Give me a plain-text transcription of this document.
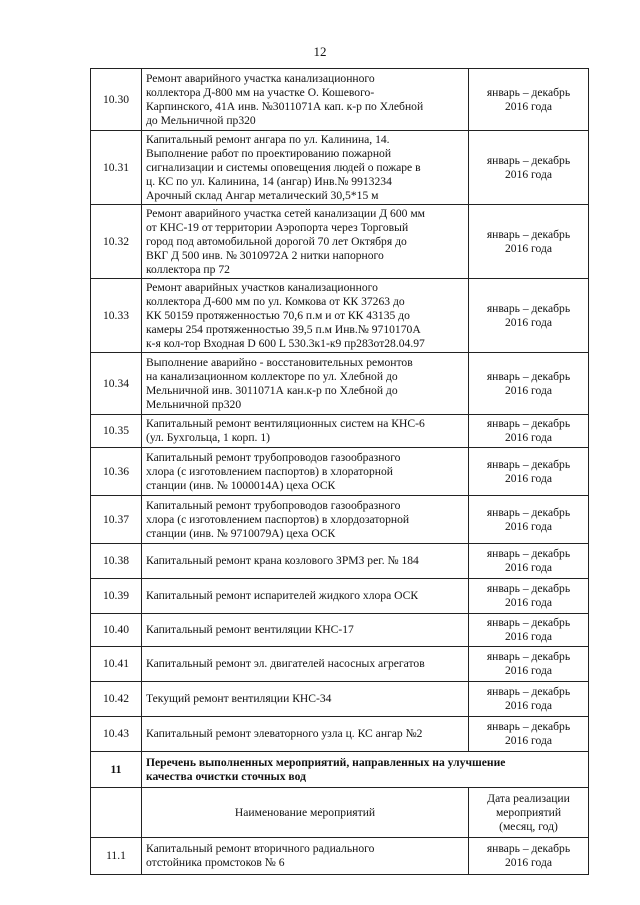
12
10.30	Ремонт аварийного участка канализационного
коллектора Д-800 мм на участке О. Кошевого-
Карпинского, 41А инв. №3011071А кап. к-р по Хлебной
до Мельничной пр320	январь – декабрь
2016 года

10.31	Капитальный ремонт ангара по ул. Калинина, 14.
Выполнение работ по проектированию пожарной
сигнализации и системы оповещения людей о пожаре в
ц. КС по ул. Калинина, 14 (ангар) Инв.№ 9913234
Арочный склад Ангар металический 30,5*15 м	январь – декабрь
2016 года

10.32	Ремонт аварийного участка сетей канализации Д 600 мм
от КНС-19 от территории Аэропорта через Торговый
город под автомобильной дорогой 70 лет Октября до
ВКГ Д 500 инв. № 3010972А 2 нитки напорного
коллектора пр 72	январь – декабрь
2016 года

10.33	Ремонт аварийных участков канализационного
коллектора Д-600 мм по ул. Комкова от КК 37263 до
КК 50159 протяженностью 70,6 п.м и от КК 43135 до
камеры 254 протяженностью 39,5 п.м Инв.№ 9710170А
к-я кол-тор Входная D 600 L 530.3к1-к9 пр283от28.04.97	январь – декабрь
2016 года

10.34	Выполнение аварийно - восстановительных ремонтов
на канализационном коллекторе по ул. Хлебной до
Мельничной инв. 3011071А кан.к-р по Хлебной до
Мельничной пр320	январь – декабрь
2016 года

10.35	Капитальный ремонт вентиляционных систем на КНС-6
(ул. Бухгольца, 1 корп. 1)	январь – декабрь
2016 года

10.36	Капитальный ремонт трубопроводов газообразного
хлора (с изготовлением паспортов) в хлораторной
станции (инв. № 1000014А) цеха ОСК	январь – декабрь
2016 года

10.37	Капитальный ремонт трубопроводов газообразного
хлора (с изготовлением паспортов) в хлордозаторной
станции (инв. № 9710079А) цеха ОСК	январь – декабрь
2016 года

10.38	Капитальный ремонт крана козлового ЗРМЗ рег. № 184	январь – декабрь
2016 года

10.39	Капитальный ремонт испарителей жидкого хлора ОСК	январь – декабрь
2016 года

10.40	Капитальный ремонт вентиляции КНС-17	январь – декабрь
2016 года

10.41	Капитальный ремонт эл. двигателей насосных агрегатов	январь – декабрь
2016 года

10.42	Текущий ремонт вентиляции КНС-34	январь – декабрь
2016 года

10.43	Капитальный ремонт элеваторного узла ц. КС ангар №2	январь – декабрь
2016 года

11	Перечень выполненных мероприятий, направленных на улучшение
качества очистки сточных вод	

	Наименование мероприятий	Дата реализации
мероприятий
(месяц, год)

11.1	Капитальный ремонт вторичного радиального
отстойника промстоков № 6	январь – декабрь
2016 года
